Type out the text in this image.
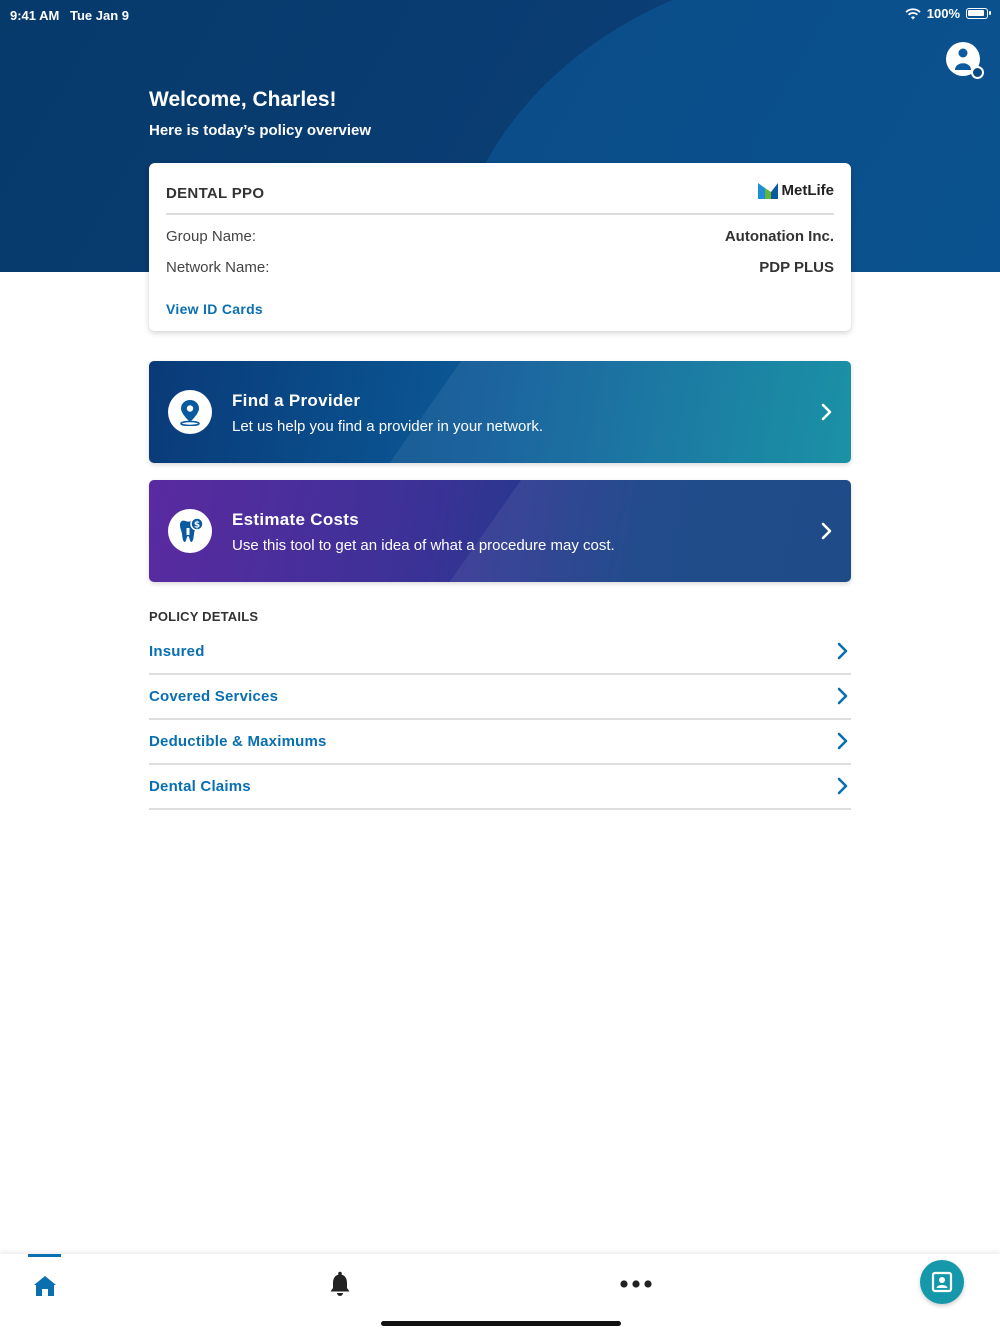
9:41 AM Tue Jan 9	100%
Welcome, Charles!
Here is today’s policy overview
DENTAL PPO	MetLife
Group Name:	Autonation Inc.
Network Name:	PDP PLUS
View ID Cards
Find a Provider
Let us help you find a provider in your network.
$ Estimate Costs
Use this tool to get an idea of what a procedure may cost.
POLICY DETAILS
Insured
Covered Services
Deductible & Maximums
Dental Claims
